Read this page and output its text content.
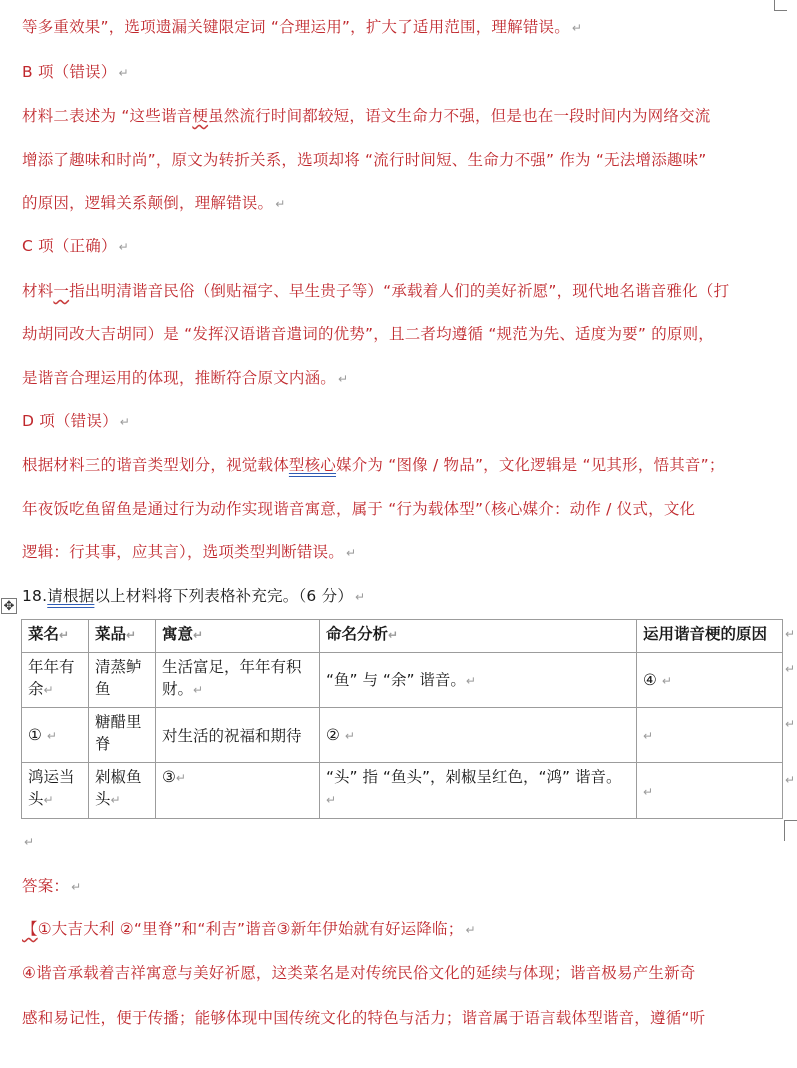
等多重效果”，选项遗漏关键限定词 “合理运用”，扩大了适用范围，理解错误。 ↵
B 项（错误） ↵
材料二表述为 “这些谐音梗虽然流行时间都较短，语文生命力不强，但是也在一段时间内为网络交流
增添了趣味和时尚”，原文为转折关系，选项却将 “流行时间短、生命力不强” 作为 “无法增添趣味”
的原因，逻辑关系颠倒，理解错误。 ↵
C 项（正确） ↵
材料一指出明清谐音民俗（倒贴福字、早生贵子等）“承载着人们的美好祈愿”，现代地名谐音雅化（打
劫胡同改大吉胡同）是 “发挥汉语谐音遣词的优势”，且二者均遵循 “规范为先、适度为要” 的原则，
是谐音合理运用的体现，推断符合原文内涵。 ↵
D 项（错误） ↵
根据材料三的谐音类型划分，视觉载体型核心媒介为 “图像 / 物品”，文化逻辑是 “见其形，悟其音”；
年夜饭吃鱼留鱼是通过行为动作实现谐音寓意，属于 “行为载体型”（核心媒介：动作 / 仪式，文化
逻辑：行其事，应其言），选项类型判断错误。 ↵
✥
18.请根据以上材料将下列表格补充完。（6 分） ↵
菜名↵	菜品↵	寓意↵	命名分析↵	运用谐音梗的原因
年年有余↵	清蒸鲈鱼	生活富足，年年有积财。↵	“鱼” 与 “余” 谐音。↵	④ ↵
① ↵	糖醋里脊	对生活的祝福和期待	② ↵	↵
鸿运当头↵	剁椒鱼头↵	③↵	“头” 指 “鱼头”，剁椒呈红色，“鸿” 谐音。↵	↵
↵
↵
↵
↵
↵
答案： ↵
【①大吉大利 ②“里脊”和“利吉”谐音③新年伊始就有好运降临； ↵
④谐音承载着吉祥寓意与美好祈愿，这类菜名是对传统民俗文化的延续与体现；谐音极易产生新奇
感和易记性，便于传播；能够体现中国传统文化的特色与活力；谐音属于语言载体型谐音，遵循“听
